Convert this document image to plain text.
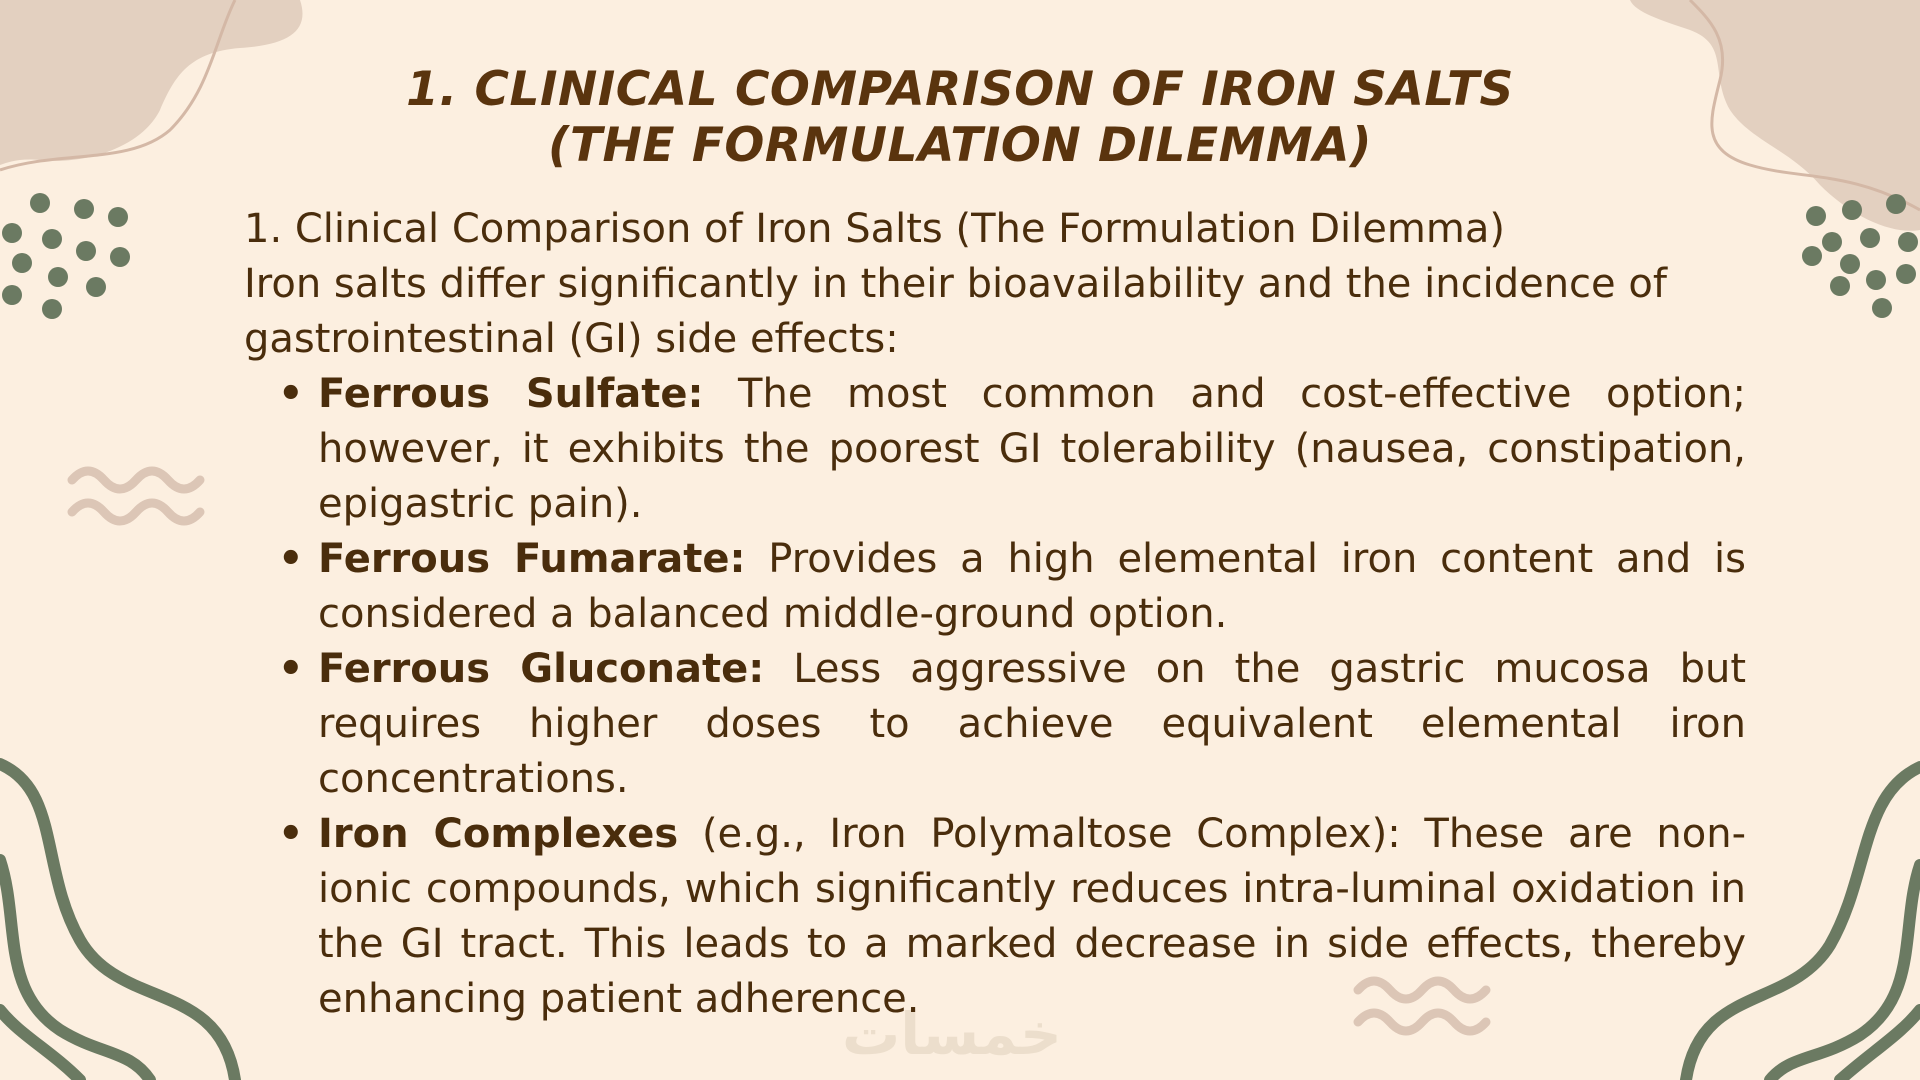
خمسات
1. CLINICAL COMPARISON OF IRON SALTS
(THE FORMULATION DILEMMA)

1. Clinical Comparison of Iron Salts (The Formulation Dilemma)

Iron salts differ significantly in their bioavailability and the incidence of gastrointestinal (GI) side effects:

• Ferrous Sulfate: The most common and cost-effective option; however, it exhibits the poorest GI tolerability (nausea, constipation, epigastric pain).
• Ferrous Fumarate: Provides a high elemental iron content and is considered a balanced middle-ground option.
• Ferrous Gluconate: Less aggressive on the gastric mucosa but requires higher doses to achieve equivalent elemental iron concentrations.
• Iron Complexes (e.g., Iron Polymaltose Complex): These are non-ionic compounds, which significantly reduces intra-luminal oxidation in the GI tract. This leads to a marked decrease in side effects, thereby enhancing patient adherence.
